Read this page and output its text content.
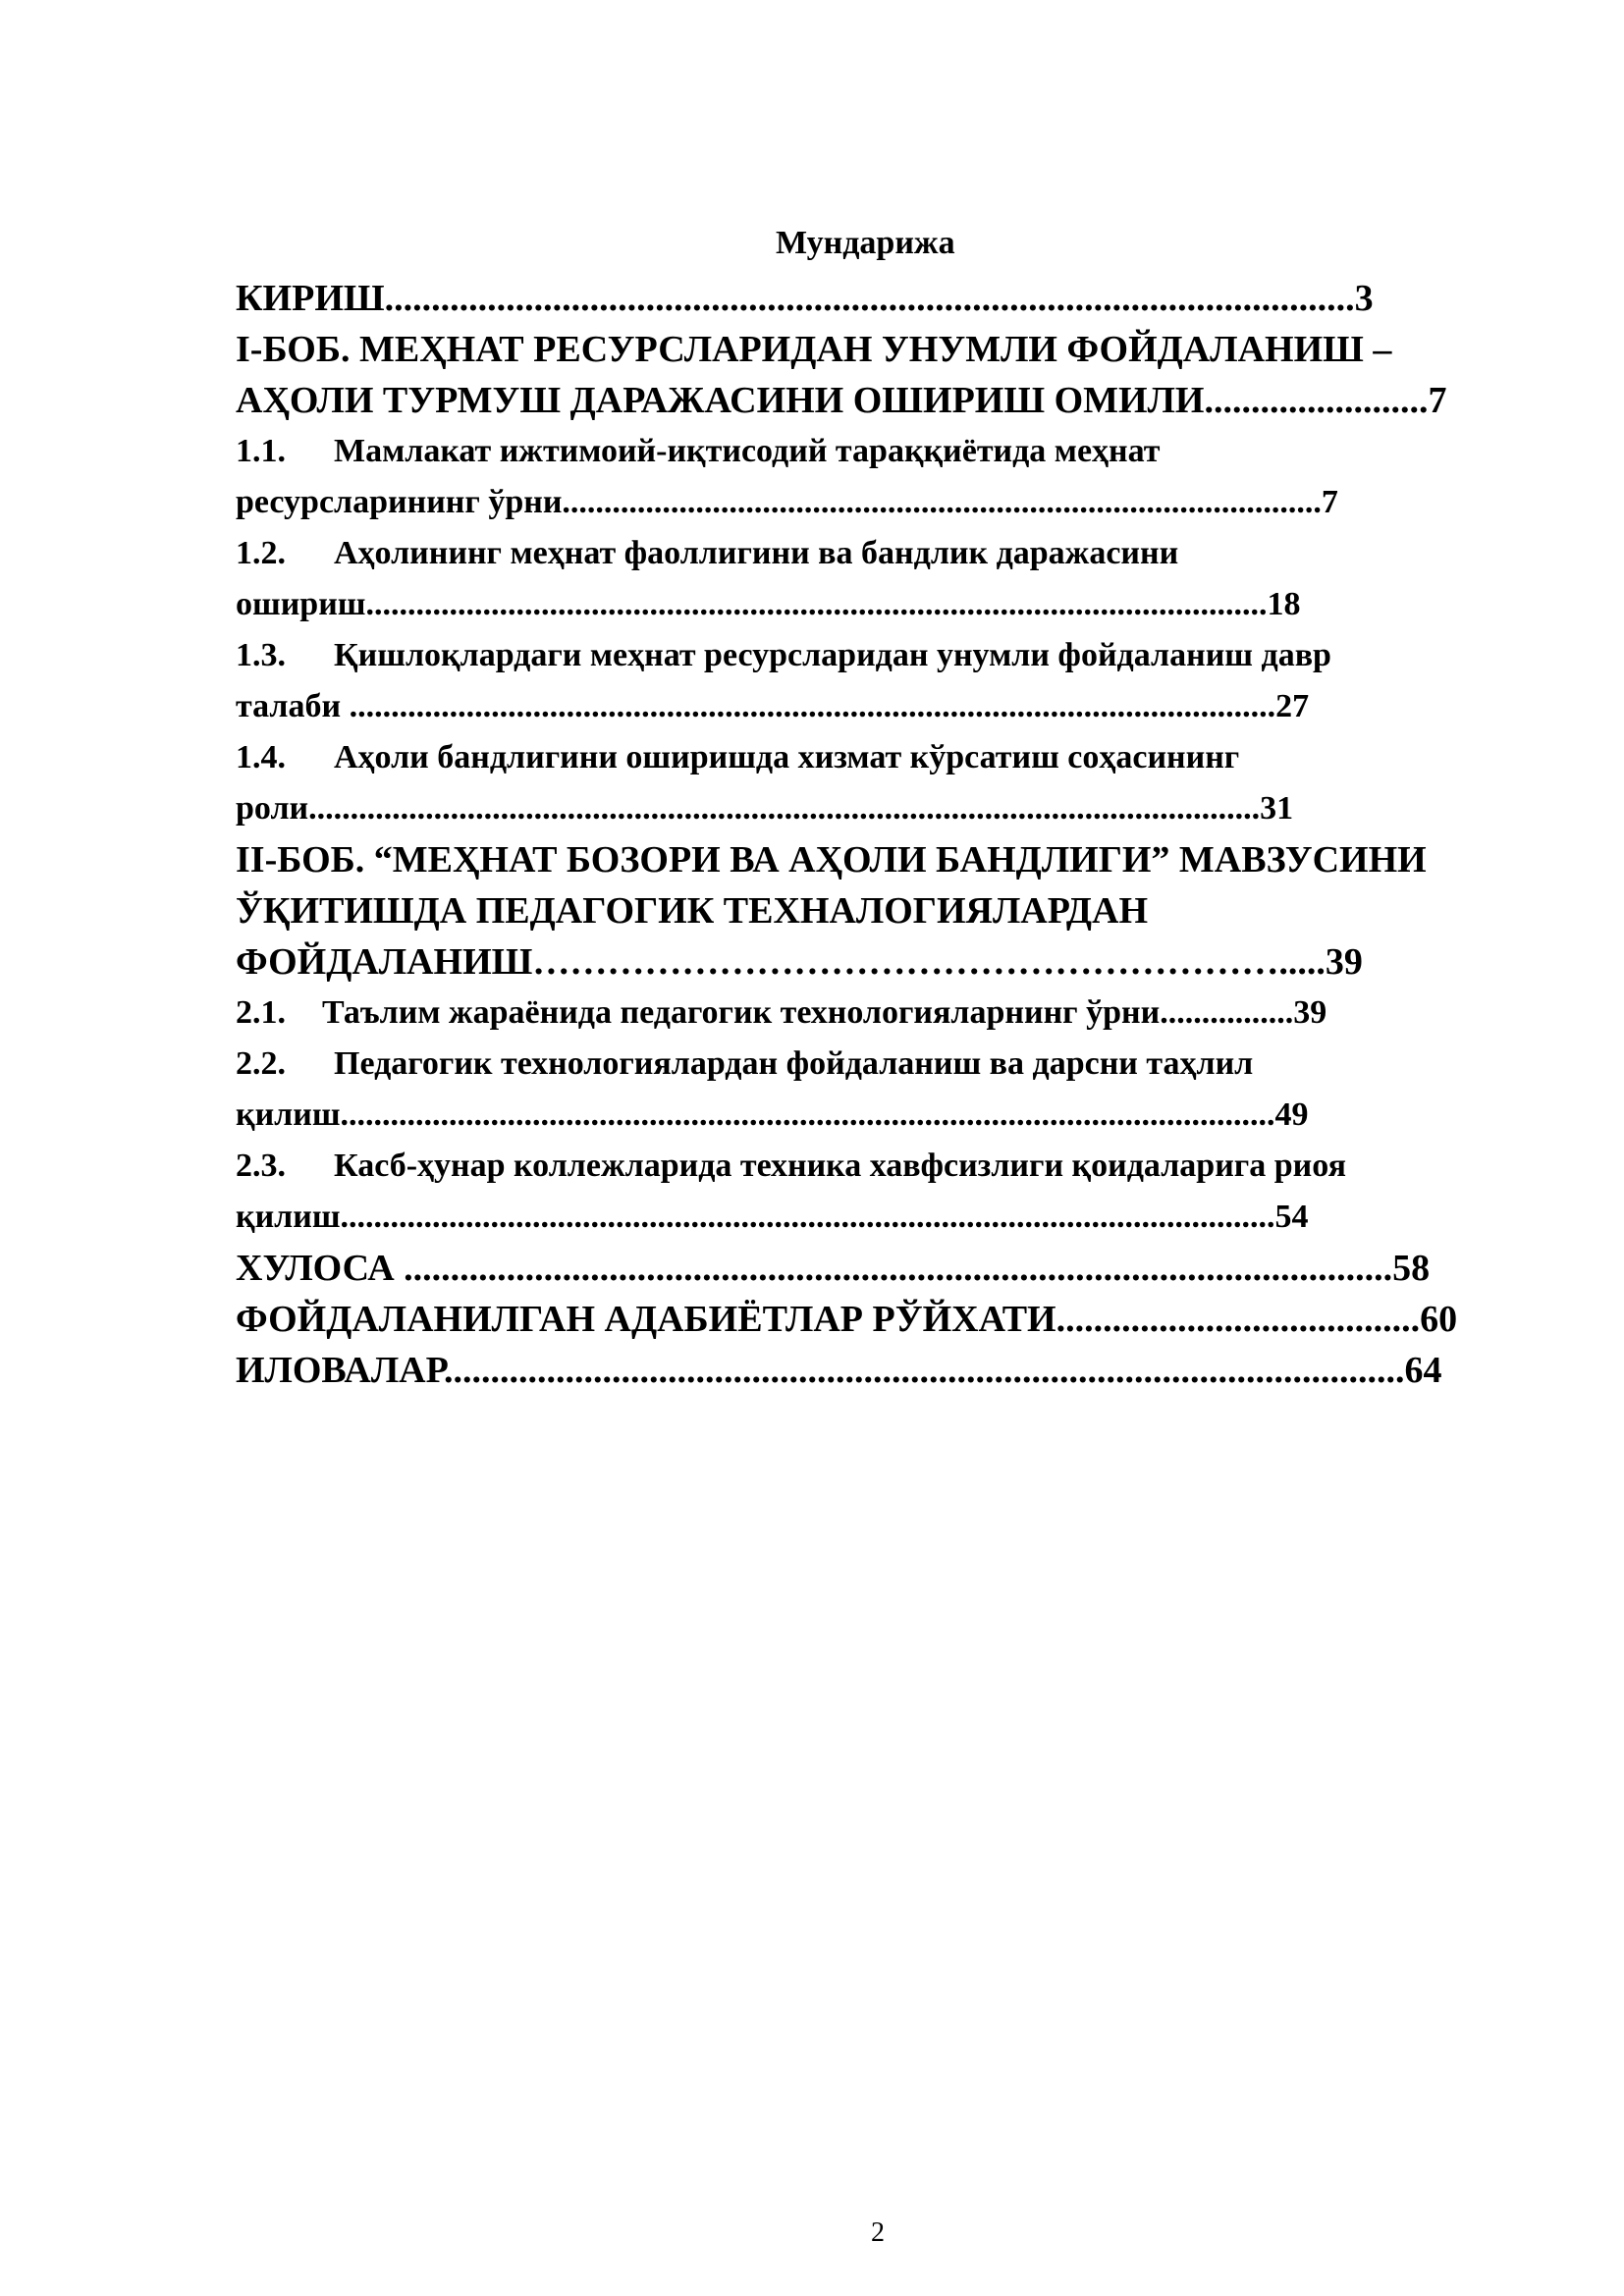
Мундарижа
КИРИШ........................................................................................................3
I-БОБ. МЕҲНАТ РЕСУРСЛАРИДАН УНУМЛИ ФОЙДАЛАНИШ –
АҲОЛИ ТУРМУШ ДАРАЖАСИНИ ОШИРИШ ОМИЛИ........................7
1.1. Мамлакат ижтимоий-иқтисодий тараққиётида меҳнат
ресурсларининг ўрни...........................................................................................7
1.2. Аҳолининг меҳнат фаоллигини ва бандлик даражасини
ошириш............................................................................................................18
1.3. Қишлоқлардаги меҳнат ресурсларидан унумли фойдаланиш давр
талаби ...............................................................................................................27
1.4. Аҳоли бандлигини оширишда хизмат кўрсатиш соҳасининг
роли..................................................................................................................31
II-БОБ. “МЕҲНАТ БОЗОРИ ВА АҲОЛИ БАНДЛИГИ” МАВЗУСИНИ
ЎҚИТИШДА ПЕДАГОГИК ТЕХНАЛОГИЯЛАРДАН
ФОЙДАЛАНИШ…………………………………………………….....39
2.1. Таълим жараёнида педагогик технологияларнинг ўрни................39
2.2. Педагогик технологиялардан фойдаланиш ва дарсни таҳлил
қилиш................................................................................................................49
2.3. Касб-ҳунар коллежларида техника хавфсизлиги қоидаларига риоя
қилиш................................................................................................................54
ХУЛОСА ..........................................................................................................58
ФОЙДАЛАНИЛГАН АДАБИЁТЛАР РЎЙХАТИ.......................................60
ИЛОВАЛАР.......................................................................................................64
2
